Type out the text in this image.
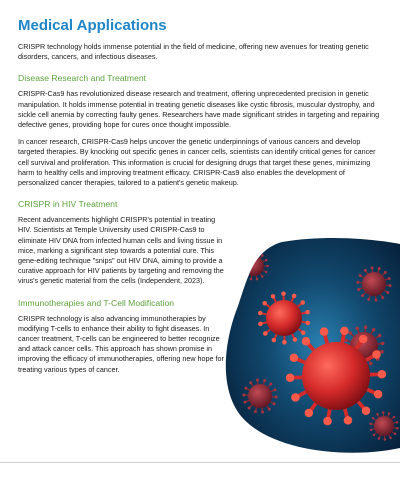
Medical Applications

CRISPR technology holds immense potential in the field of medicine, offering new avenues for treating genetic disorders, cancers, and infectious diseases.

Disease Research and Treatment

CRISPR-Cas9 has revolutionized disease research and treatment, offering unprecedented precision in genetic manipulation. It holds immense potential in treating genetic diseases like cystic fibrosis, muscular dystrophy, and sickle cell anemia by correcting faulty genes. Researchers have made significant strides in targeting and repairing defective genes, providing hope for cures once thought impossible.

In cancer research, CRISPR-Cas9 helps uncover the genetic underpinnings of various cancers and develop targeted therapies. By knocking out specific genes in cancer cells, scientists can identify critical genes for cancer cell survival and proliferation. This information is crucial for designing drugs that target these genes, minimizing harm to healthy cells and improving treatment efficacy. CRISPR-Cas9 also enables the development of personalized cancer therapies, tailored to a patient's genetic makeup.

CRISPR in HIV Treatment

Recent advancements highlight CRISPR's potential in treating HIV. Scientists at Temple University used CRISPR-Cas9 to eliminate HIV DNA from infected human cells and living tissue in mice, marking a significant step towards a potential cure. This gene-editing technique "snips" out HIV DNA, aiming to provide a curative approach for HIV patients by targeting and removing the virus's genetic material from the cells (Independent, 2023).

Immunotherapies and T-Cell Modification

CRISPR technology is also advancing immunotherapies by modifying T-cells to enhance their ability to fight diseases. In cancer treatment, T-cells can be engineered to better recognize and attack cancer cells. This approach has shown promise in improving the efficacy of immunotherapies, offering new hope for treating various types of cancer.
